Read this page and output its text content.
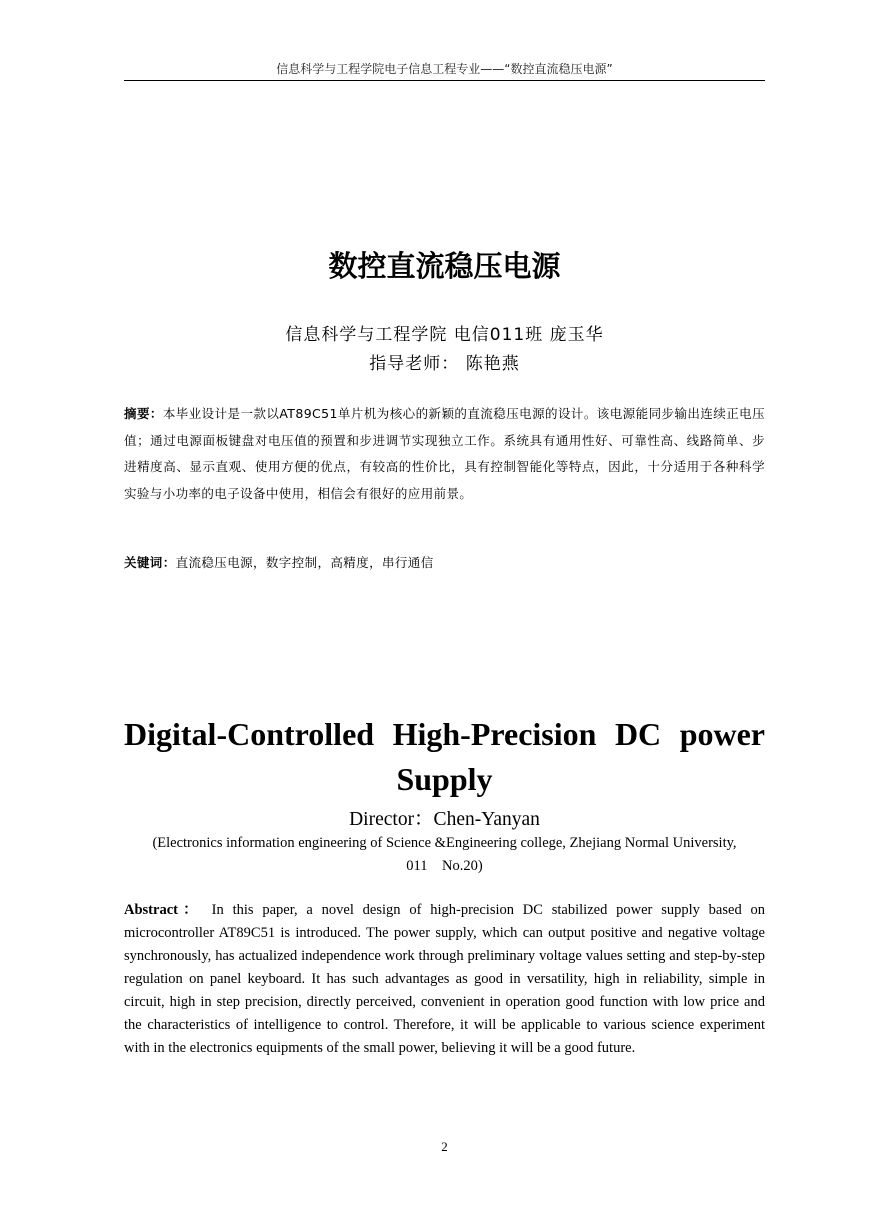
信息科学与工程学院电子信息工程专业——“数控直流稳压电源”
数控直流稳压电源
信息科学与工程学院 电信011班 庞玉华
指导老师： 陈艳燕
摘要：本毕业设计是一款以AT89C51单片机为核心的新颖的直流稳压电源的设计。该电源能同步输出连续正电压值；通过电源面板键盘对电压值的预置和步进调节实现独立工作。系统具有通用性好、可靠性高、线路简单、步进精度高、显示直观、使用方便的优点，有较高的性价比，具有控制智能化等特点，因此，十分适用于各种科学实验与小功率的电子设备中使用，相信会有很好的应用前景。
关键词：直流稳压电源，数字控制，高精度，串行通信
Digital-Controlled High-Precision DC power
Supply
Director：Chen-Yanyan
(Electronics information engineering of Science &Engineering college, Zhejiang Normal University,
011　No.20)
Abstract： In this paper, a novel design of high-precision DC stabilized power supply based on microcontroller AT89C51 is introduced. The power supply, which can output positive and negative voltage synchronously, has actualized independence work through preliminary voltage values setting and step-by-step regulation on panel keyboard. It has such advantages as good in versatility, high in reliability, simple in circuit, high in step precision, directly perceived, convenient in operation good function with low price and the characteristics of intelligence to control. Therefore, it will be applicable to various science experiment with in the electronics equipments of the small power, believing it will be a good future.
2
